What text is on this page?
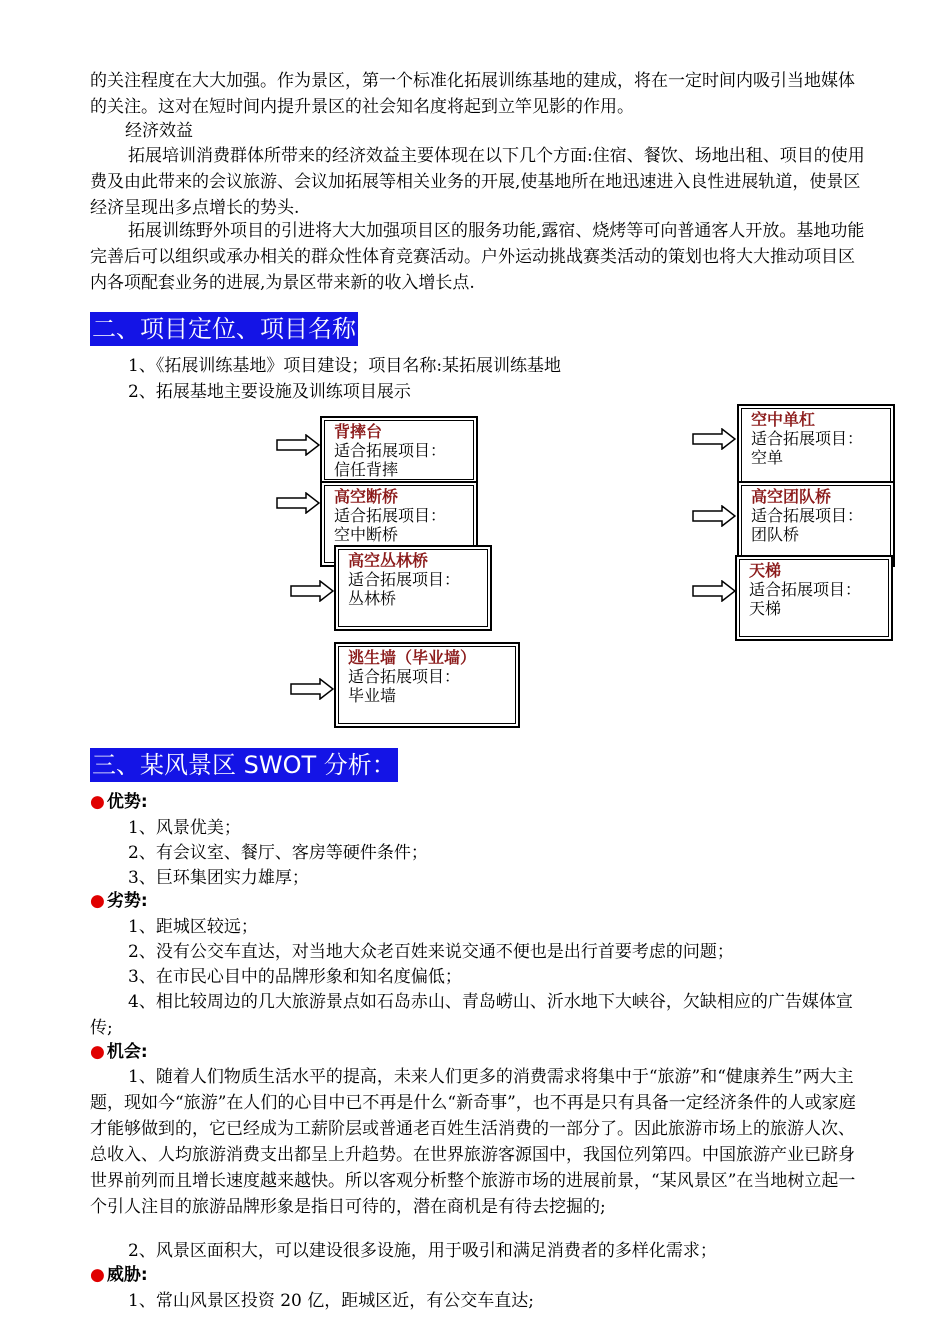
的关注程度在大大加强。作为景区，第一个标准化拓展训练基地的建成，将在一定时间内吸引当地媒体的关注。这对在短时间内提升景区的社会知名度将起到立竿见影的作用。

经济效益

拓展培训消费群体所带来的经济效益主要体现在以下几个方面:住宿、餐饮、场地出租、项目的使用费及由此带来的会议旅游、会议加拓展等相关业务的开展,使基地所在地迅速进入良性进展轨道，使景区经济呈现出多点增长的势头.

拓展训练野外项目的引进将大大加强项目区的服务功能,露宿、烧烤等可向普通客人开放。基地功能完善后可以组织或承办相关的群众性体育竞赛活动。户外运动挑战赛类活动的策划也将大大推动项目区内各项配套业务的进展,为景区带来新的收入增长点.

二、项目定位、项目名称

1、《拓展训练基地》项目建设；项目名称:某拓展训练基地

2、拓展基地主要设施及训练项目展示

背摔台
适合拓展项目：
信任背摔
高空断桥
适合拓展项目：
空中断桥
高空丛林桥
适合拓展项目：
丛林桥
逃生墙（毕业墙）
适合拓展项目：
毕业墙
空中单杠
适合拓展项目：
空单
高空团队桥
适合拓展项目：
团队桥
天梯
适合拓展项目：
天梯
三、某风景区 SWOT 分析：
● 优势:

1、风景优美；

2、有会议室、餐厅、客房等硬件条件；

3、巨环集团实力雄厚；

● 劣势:

1、距城区较远；

2、没有公交车直达，对当地大众老百姓来说交通不便也是出行首要考虑的问题；

3、在市民心目中的品牌形象和知名度偏低；

4、相比较周边的几大旅游景点如石岛赤山、青岛崂山、沂水地下大峡谷，欠缺相应的广告媒体宣传;

● 机会:

1、随着人们物质生活水平的提高，未来人们更多的消费需求将集中于“旅游”和“健康养生”两大主题，现如今“旅游”在人们的心目中已不再是什么“新奇事”，也不再是只有具备一定经济条件的人或家庭才能够做到的，它已经成为工薪阶层或普通老百姓生活消费的一部分了。因此旅游市场上的旅游人次、总收入、人均旅游消费支出都呈上升趋势。在世界旅游客源国中，我国位列第四。中国旅游产业已跻身世界前列而且增长速度越来越快。所以客观分析整个旅游市场的进展前景，“某风景区”在当地树立起一个引人注目的旅游品牌形象是指日可待的，潜在商机是有待去挖掘的;

2、风景区面积大，可以建设很多设施，用于吸引和满足消费者的多样化需求；

● 威胁:

1、常山风景区投资 20 亿，距城区近，有公交车直达;
